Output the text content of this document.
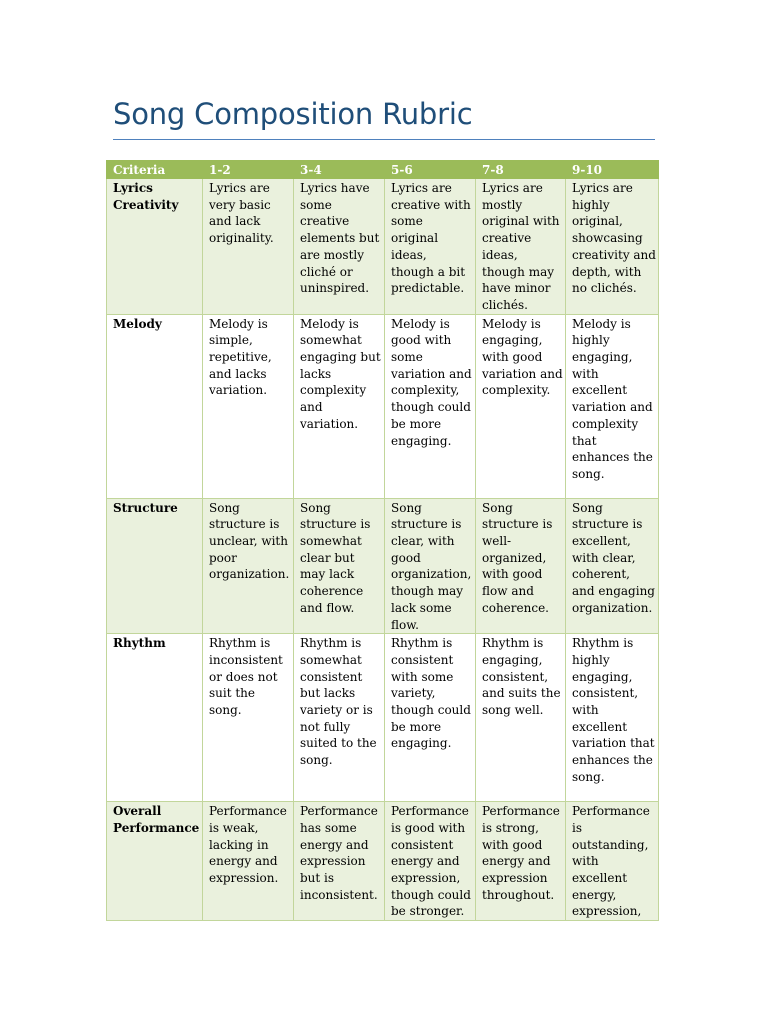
Song Composition Rubric
Criteria	1-2	3-4	5-6	7-8	9-10
Lyrics Creativity	Lyrics are very basic and lack originality.	Lyrics have some creative elements but are mostly cliché or uninspired.	Lyrics are creative with some original ideas, though a bit predictable.	Lyrics are mostly original with creative ideas, though may have minor clichés.	Lyrics are highly original, showcasing creativity and depth, with no clichés.
Melody	Melody is simple, repetitive, and lacks variation.	Melody is somewhat engaging but lacks complexity and variation.	Melody is good with some variation and complexity, though could be more engaging.	Melody is engaging, with good variation and complexity.	Melody is highly engaging, with excellent variation and complexity that enhances the song.
Structure	Song structure is unclear, with poor organization.	Song structure is somewhat clear but may lack coherence and flow.	Song structure is clear, with good organization, though may lack some flow.	Song structure is well-organized, with good flow and coherence.	Song structure is excellent, with clear, coherent, and engaging organization.
Rhythm	Rhythm is inconsistent or does not suit the song.	Rhythm is somewhat consistent but lacks variety or is not fully suited to the song.	Rhythm is consistent with some variety, though could be more engaging.	Rhythm is engaging, consistent, and suits the song well.	Rhythm is highly engaging, consistent, with excellent variation that enhances the song.
Overall Performance	Performance is weak, lacking in energy and expression.	Performance has some energy and expression but is inconsistent.	Performance is good with consistent energy and expression, though could be stronger.	Performance is strong, with good energy and expression throughout.	Performance is outstanding, with excellent energy, expression,
